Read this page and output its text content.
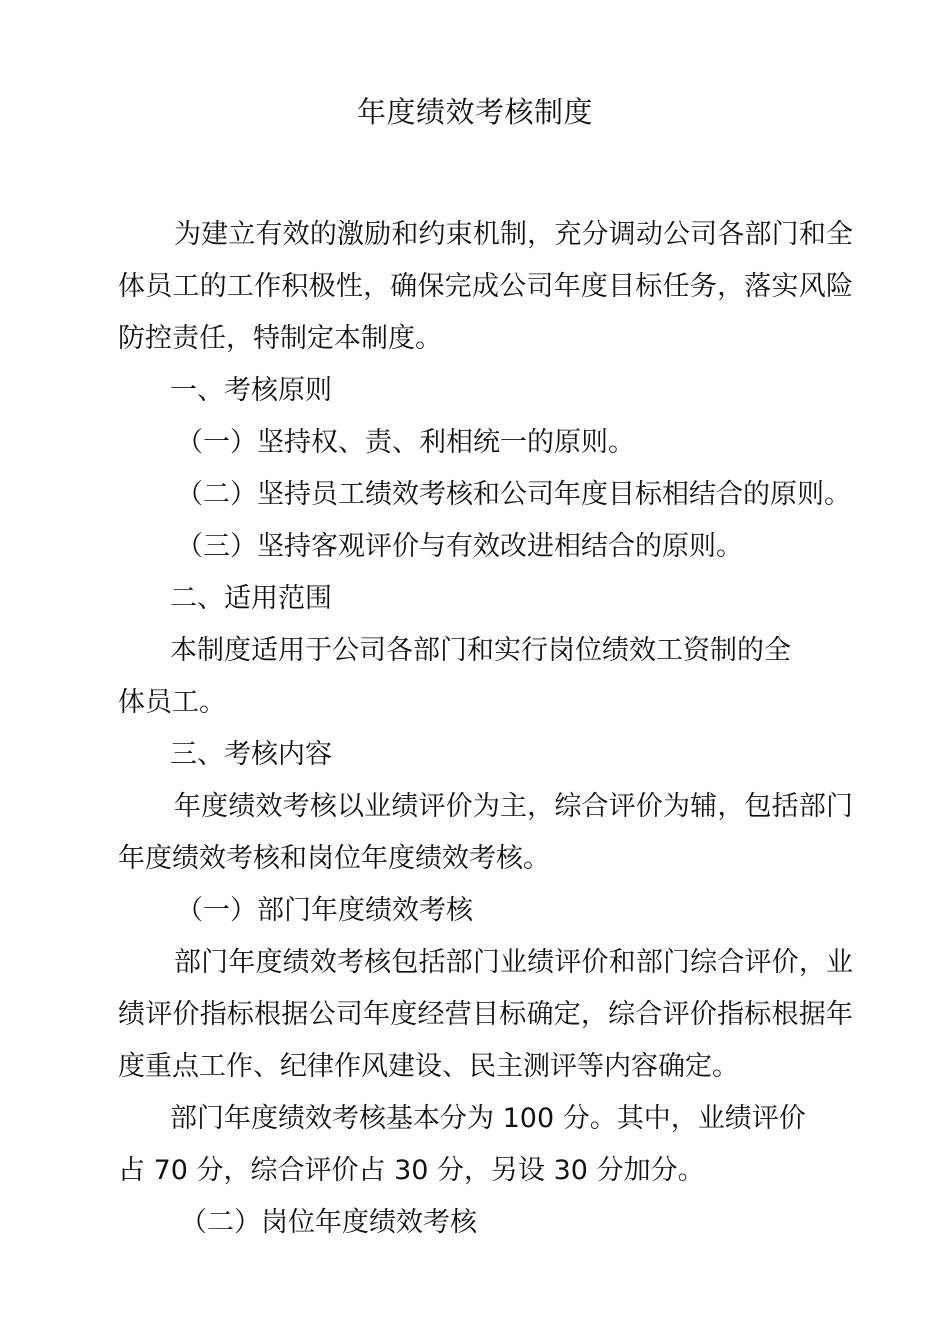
年度绩效考核制度

为建立有效的激励和约束机制，充分调动公司各部门和全体员工的工作积极性，确保完成公司年度目标任务，落实风险防控责任，特制定本制度。

一、考核原则

（一）坚持权、责、利相统一的原则。

（二）坚持员工绩效考核和公司年度目标相结合的原则。

（三）坚持客观评价与有效改进相结合的原则。

二、适用范围

本制度适用于公司各部门和实行岗位绩效工资制的全体员工。

三、考核内容

年度绩效考核以业绩评价为主，综合评价为辅，包括部门年度绩效考核和岗位年度绩效考核。

（一）部门年度绩效考核

部门年度绩效考核包括部门业绩评价和部门综合评价，业绩评价指标根据公司年度经营目标确定，综合评价指标根据年度重点工作、纪律作风建设、民主测评等内容确定。

部门年度绩效考核基本分为 100 分。其中，业绩评价占 70 分，综合评价占 30 分，另设 30 分加分。

（二）岗位年度绩效考核
